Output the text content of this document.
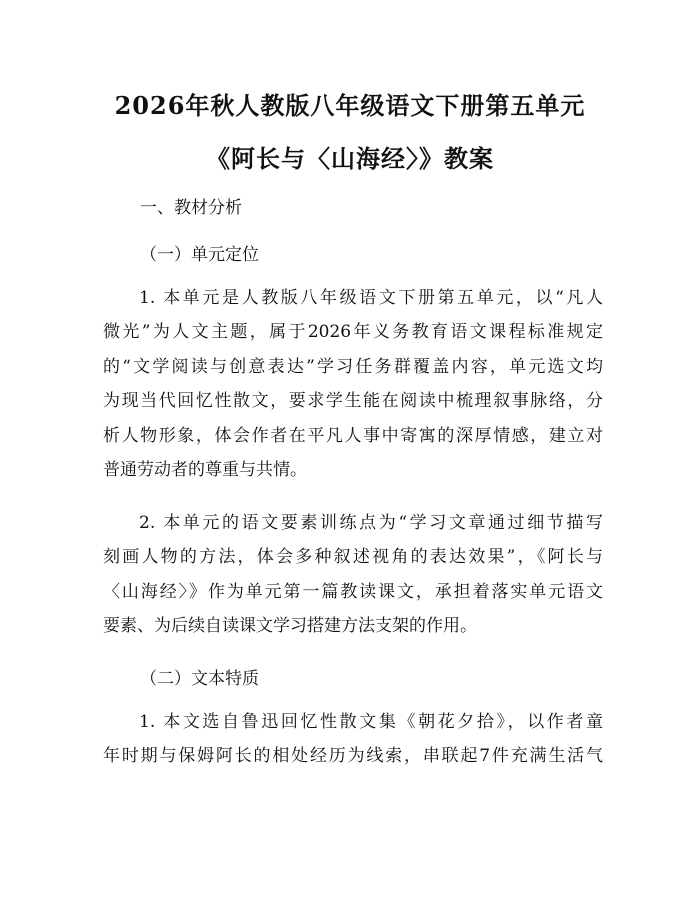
2026年秋人教版八年级语文下册第五单元
《阿长与〈山海经〉》教案

一、教材分析

（一）单元定位

1. 本单元是人教版八年级语文下册第五单元，以“凡人
微光”为人文主题，属于2026年义务教育语文课程标准规定
的“文学阅读与创意表达”学习任务群覆盖内容，单元选文均
为现当代回忆性散文，要求学生能在阅读中梳理叙事脉络，分
析人物形象，体会作者在平凡人事中寄寓的深厚情感，建立对
普通劳动者的尊重与共情。
2. 本单元的语文要素训练点为“学习文章通过细节描写
刻画人物的方法，体会多种叙述视角的表达效果”，《阿长与
〈山海经〉》作为单元第一篇教读课文，承担着落实单元语文
要素、为后续自读课文学习搭建方法支架的作用。

（二）文本特质

1. 本文选自鲁迅回忆性散文集《朝花夕拾》，以作者童
年时期与保姆阿长的相处经历为线索，串联起7件充满生活气
